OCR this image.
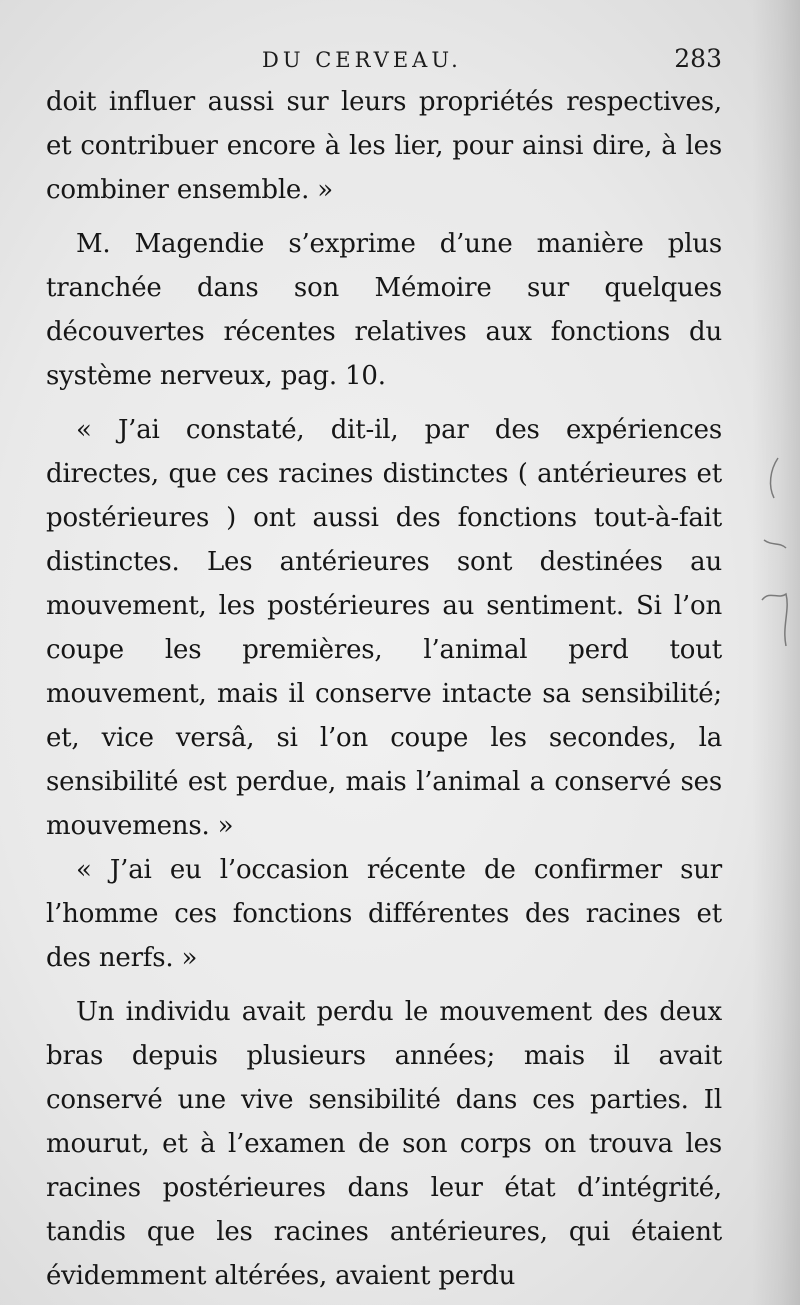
DU CERVEAU.	283

doit influer aussi sur leurs propriétés respectives, et contribuer encore à les lier, pour ainsi dire, à les combiner ensemble. »

M. Magendie s’exprime d’une manière plus tranchée dans son Mémoire sur quelques découvertes récentes relatives aux fonctions du système nerveux, pag. 10.

« J’ai constaté, dit-il, par des expériences directes, que ces racines distinctes ( antérieures et postérieures ) ont aussi des fonctions tout-à-fait distinctes. Les antérieures sont destinées au mouvement, les postérieures au sentiment. Si l’on coupe les premières, l’animal perd tout mouvement, mais il conserve intacte sa sensibilité; et, vice versâ, si l’on coupe les secondes, la sensibilité est perdue, mais l’animal a conservé ses mouvemens. »

« J’ai eu l’occasion récente de confirmer sur l’homme ces fonctions différentes des racines et des nerfs. »

Un individu avait perdu le mouvement des deux bras depuis plusieurs années; mais il avait conservé une vive sensibilité dans ces parties. Il mourut, et à l’examen de son corps on trouva les racines postérieures dans leur état d’intégrité, tandis que les racines antérieures, qui étaient évidemment altérées, avaient perdu
